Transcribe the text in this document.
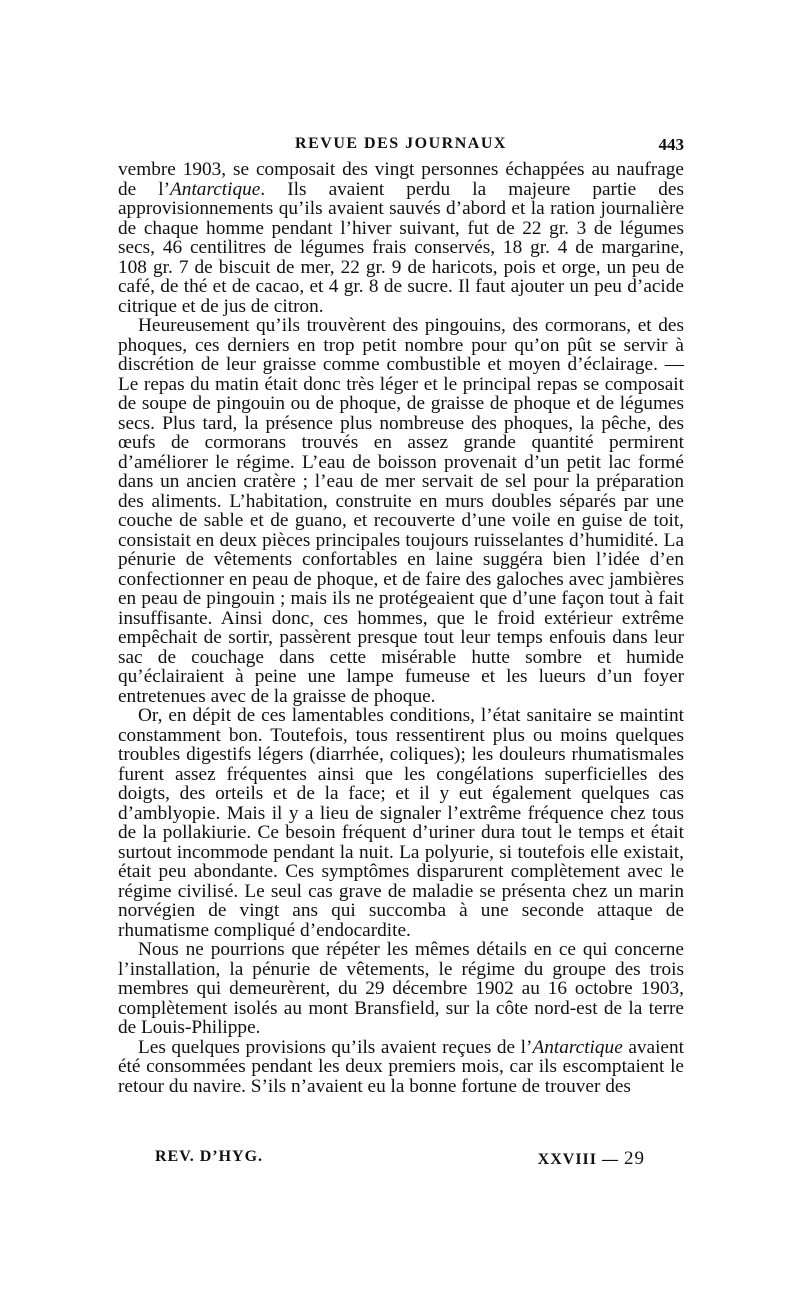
REVUE DES JOURNAUX	443

vembre 1903, se composait des vingt personnes échappées au naufrage de l’Antarctique. Ils avaient perdu la majeure partie des approvisionnements qu’ils avaient sauvés d’abord et la ration journalière de chaque homme pendant l’hiver suivant, fut de 22 gr. 3 de légumes secs, 46 centilitres de légumes frais conservés, 18 gr. 4 de margarine, 108 gr. 7 de biscuit de mer, 22 gr. 9 de haricots, pois et orge, un peu de café, de thé et de cacao, et 4 gr. 8 de sucre. Il faut ajouter un peu d’acide citrique et de jus de citron.

Heureusement qu’ils trouvèrent des pingouins, des cormorans, et des phoques, ces derniers en trop petit nombre pour qu’on pût se servir à discrétion de leur graisse comme combustible et moyen d’éclairage. — Le repas du matin était donc très léger et le principal repas se composait de soupe de pingouin ou de phoque, de graisse de phoque et de légumes secs. Plus tard, la présence plus nombreuse des phoques, la pêche, des œufs de cormorans trouvés en assez grande quantité permirent d’améliorer le régime. L’eau de boisson provenait d’un petit lac formé dans un ancien cratère ; l’eau de mer servait de sel pour la préparation des aliments. L’habitation, construite en murs doubles séparés par une couche de sable et de guano, et recouverte d’une voile en guise de toit, consistait en deux pièces principales toujours ruisselantes d’humidité. La pénurie de vêtements confortables en laine suggéra bien l’idée d’en confectionner en peau de phoque, et de faire des galoches avec jambières en peau de pingouin ; mais ils ne protégeaient que d’une façon tout à fait insuffisante. Ainsi donc, ces hommes, que le froid extérieur extrême empêchait de sortir, passèrent presque tout leur temps enfouis dans leur sac de couchage dans cette misérable hutte sombre et humide qu’éclairaient à peine une lampe fumeuse et les lueurs d’un foyer entretenues avec de la graisse de phoque.

Or, en dépit de ces lamentables conditions, l’état sanitaire se maintint constamment bon. Toutefois, tous ressentirent plus ou moins quelques troubles digestifs légers (diarrhée, coliques); les douleurs rhumatismales furent assez fréquentes ainsi que les congélations superficielles des doigts, des orteils et de la face; et il y eut également quelques cas d’amblyopie. Mais il y a lieu de signaler l’extrême fréquence chez tous de la pollakiurie. Ce besoin fréquent d’uriner dura tout le temps et était surtout incommode pendant la nuit. La polyurie, si toutefois elle existait, était peu abondante. Ces symptômes disparurent complètement avec le régime civilisé. Le seul cas grave de maladie se présenta chez un marin norvégien de vingt ans qui succomba à une seconde attaque de rhumatisme compliqué d’endocardite.

Nous ne pourrions que répéter les mêmes détails en ce qui concerne l’installation, la pénurie de vêtements, le régime du groupe des trois membres qui demeurèrent, du 29 décembre 1902 au 16 octobre 1903, complètement isolés au mont Bransfield, sur la côte nord-est de la terre de Louis-Philippe.

Les quelques provisions qu’ils avaient reçues de l’Antarctique avaient été consommées pendant les deux premiers mois, car ils escomptaient le retour du navire. S’ils n’avaient eu la bonne fortune de trouver des

REV. D’HYG.	XXVIII — 29
